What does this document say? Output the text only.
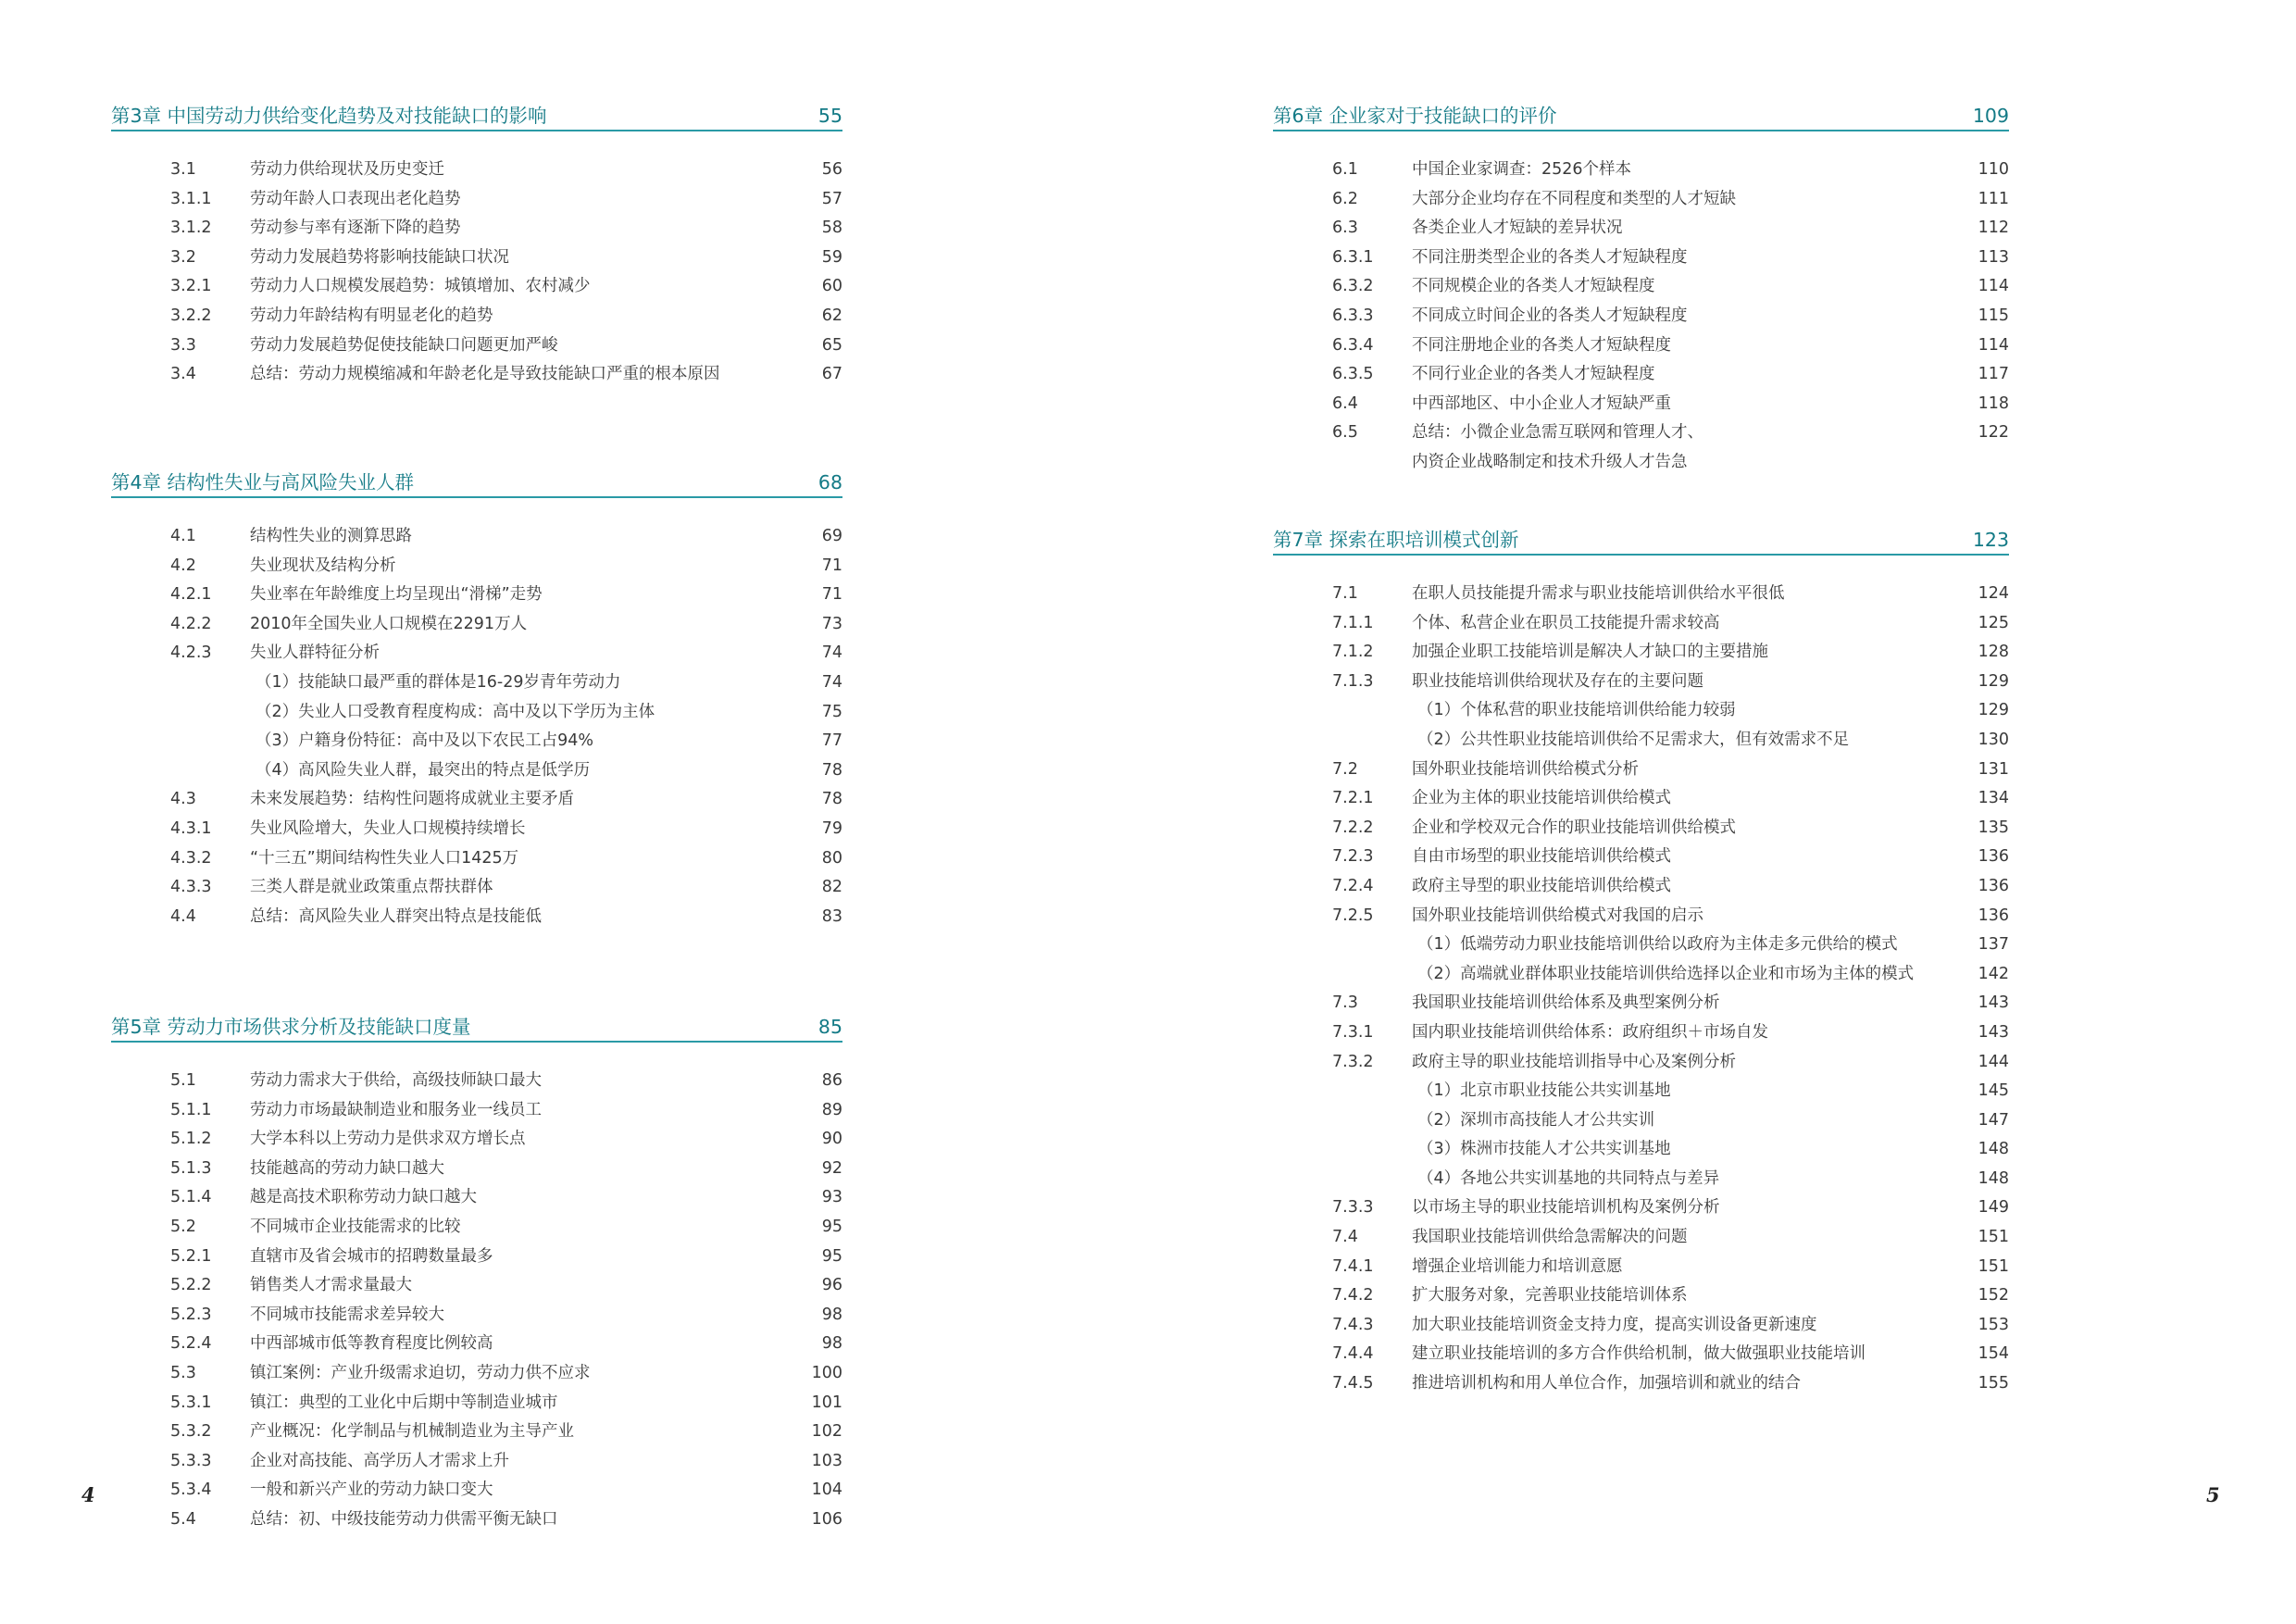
第3章 中国劳动力供给变化趋势及对技能缺口的影响	55
3.1	劳动力供给现状及历史变迁	56
3.1.1 劳动年龄人口表现出老化趋势	57
3.1.2 劳动参与率有逐渐下降的趋势	58
3.2	劳动力发展趋势将影响技能缺口状况	59
3.2.1 劳动力人口规模发展趋势：城镇增加、农村减少	60
3.2.2 劳动力年龄结构有明显老化的趋势	62
3.3	劳动力发展趋势促使技能缺口问题更加严峻	65
3.4	总结：劳动力规模缩减和年龄老化是导致技能缺口严重的根本原因	67
第4章 结构性失业与高风险失业人群	68
4.1	结构性失业的测算思路	69
4.2	失业现状及结构分析	71
4.2.1 失业率在年龄维度上均呈现出“滑梯”走势	71
4.2.2 2010年全国失业人口规模在2291万人	73
4.2.3 失业人群特征分析	74
（1）技能缺口最严重的群体是16-29岁青年劳动力	74
（2）失业人口受教育程度构成：高中及以下学历为主体	75
（3）户籍身份特征：高中及以下农民工占94%	77
（4）高风险失业人群，最突出的特点是低学历	78
4.3	未来发展趋势：结构性问题将成就业主要矛盾	78
4.3.1 失业风险增大，失业人口规模持续增长	79
4.3.2 “十三五”期间结构性失业人口1425万	80
4.3.3 三类人群是就业政策重点帮扶群体	82
4.4	总结：高风险失业人群突出特点是技能低	83
第5章 劳动力市场供求分析及技能缺口度量	85
5.1	劳动力需求大于供给，高级技师缺口最大	86
5.1.1 劳动力市场最缺制造业和服务业一线员工	89
5.1.2 大学本科以上劳动力是供求双方增长点	90
5.1.3 技能越高的劳动力缺口越大	92
5.1.4 越是高技术职称劳动力缺口越大	93
5.2	不同城市企业技能需求的比较	95
5.2.1 直辖市及省会城市的招聘数量最多	95
5.2.2 销售类人才需求量最大	96
5.2.3 不同城市技能需求差异较大	98
5.2.4 中西部城市低等教育程度比例较高	98
5.3	镇江案例：产业升级需求迫切，劳动力供不应求	100
5.3.1 镇江：典型的工业化中后期中等制造业城市	101
5.3.2 产业概况：化学制品与机械制造业为主导产业	102
5.3.3 企业对高技能、高学历人才需求上升	103
5.3.4 一般和新兴产业的劳动力缺口变大	104
5.4	总结：初、中级技能劳动力供需平衡无缺口	106
第6章 企业家对于技能缺口的评价	109
6.1	中国企业家调查：2526个样本	110
6.2	大部分企业均存在不同程度和类型的人才短缺	111
6.3	各类企业人才短缺的差异状况	112
6.3.1 不同注册类型企业的各类人才短缺程度	113
6.3.2 不同规模企业的各类人才短缺程度	114
6.3.3 不同成立时间企业的各类人才短缺程度	115
6.3.4 不同注册地企业的各类人才短缺程度	114
6.3.5 不同行业企业的各类人才短缺程度	117
6.4	中西部地区、中小企业人才短缺严重	118
6.5	总结：小微企业急需互联网和管理人才、	122
内资企业战略制定和技术升级人才告急
第7章 探索在职培训模式创新	123
7.1	在职人员技能提升需求与职业技能培训供给水平很低	124
7.1.1 个体、私营企业在职员工技能提升需求较高	125
7.1.2 加强企业职工技能培训是解决人才缺口的主要措施	128
7.1.3 职业技能培训供给现状及存在的主要问题	129
（1）个体私营的职业技能培训供给能力较弱	129
（2）公共性职业技能培训供给不足需求大，但有效需求不足	130
7.2	国外职业技能培训供给模式分析	131
7.2.1 企业为主体的职业技能培训供给模式	134
7.2.2 企业和学校双元合作的职业技能培训供给模式	135
7.2.3 自由市场型的职业技能培训供给模式	136
7.2.4 政府主导型的职业技能培训供给模式	136
7.2.5 国外职业技能培训供给模式对我国的启示	136
（1）低端劳动力职业技能培训供给以政府为主体走多元供给的模式	137
（2）高端就业群体职业技能培训供给选择以企业和市场为主体的模式	142
7.3	我国职业技能培训供给体系及典型案例分析	143
7.3.1 国内职业技能培训供给体系：政府组织＋市场自发	143
7.3.2 政府主导的职业技能培训指导中心及案例分析	144
（1）北京市职业技能公共实训基地	145
（2）深圳市高技能人才公共实训	147
（3）株洲市技能人才公共实训基地	148
（4）各地公共实训基地的共同特点与差异	148
7.3.3 以市场主导的职业技能培训机构及案例分析	149
7.4	我国职业技能培训供给急需解决的问题	151
7.4.1 增强企业培训能力和培训意愿	151
7.4.2 扩大服务对象，完善职业技能培训体系	152
7.4.3 加大职业技能培训资金支持力度，提高实训设备更新速度	153
7.4.4 建立职业技能培训的多方合作供给机制，做大做强职业技能培训	154
7.4.5 推进培训机构和用人单位合作，加强培训和就业的结合	155
4	5
